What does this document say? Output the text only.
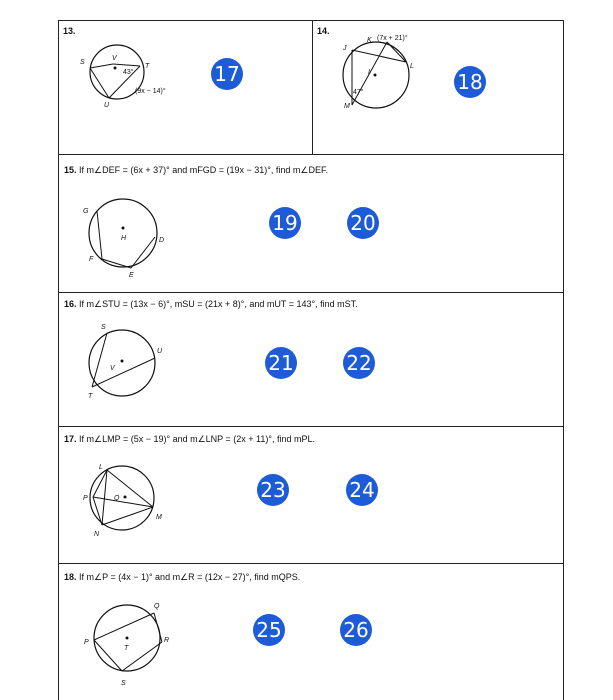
13.
V
S
T
U
43°
(9x − 14)°
17
14.
K (7x + 21)°
J
L
I
M
47°	18
15. If m∠DEF = (6x + 37)° and mFGD = (19x − 31)°, find m∠DEF.
G
H	D
F
E
19	20
16. If m∠STU = (13x − 6)°, mSU = (21x + 8)°, and mUT = 143°, find mST.
S
U
V
T
21	22
17. If m∠LMP = (5x − 19)° and m∠LNP = (2x + 11)°, find mPL.
L
P	Q
M
N
23	24
18. If m∠P = (4x − 1)° and m∠R = (12x − 27)°, find mQPS.
Q
P	R
T
S
25	26
